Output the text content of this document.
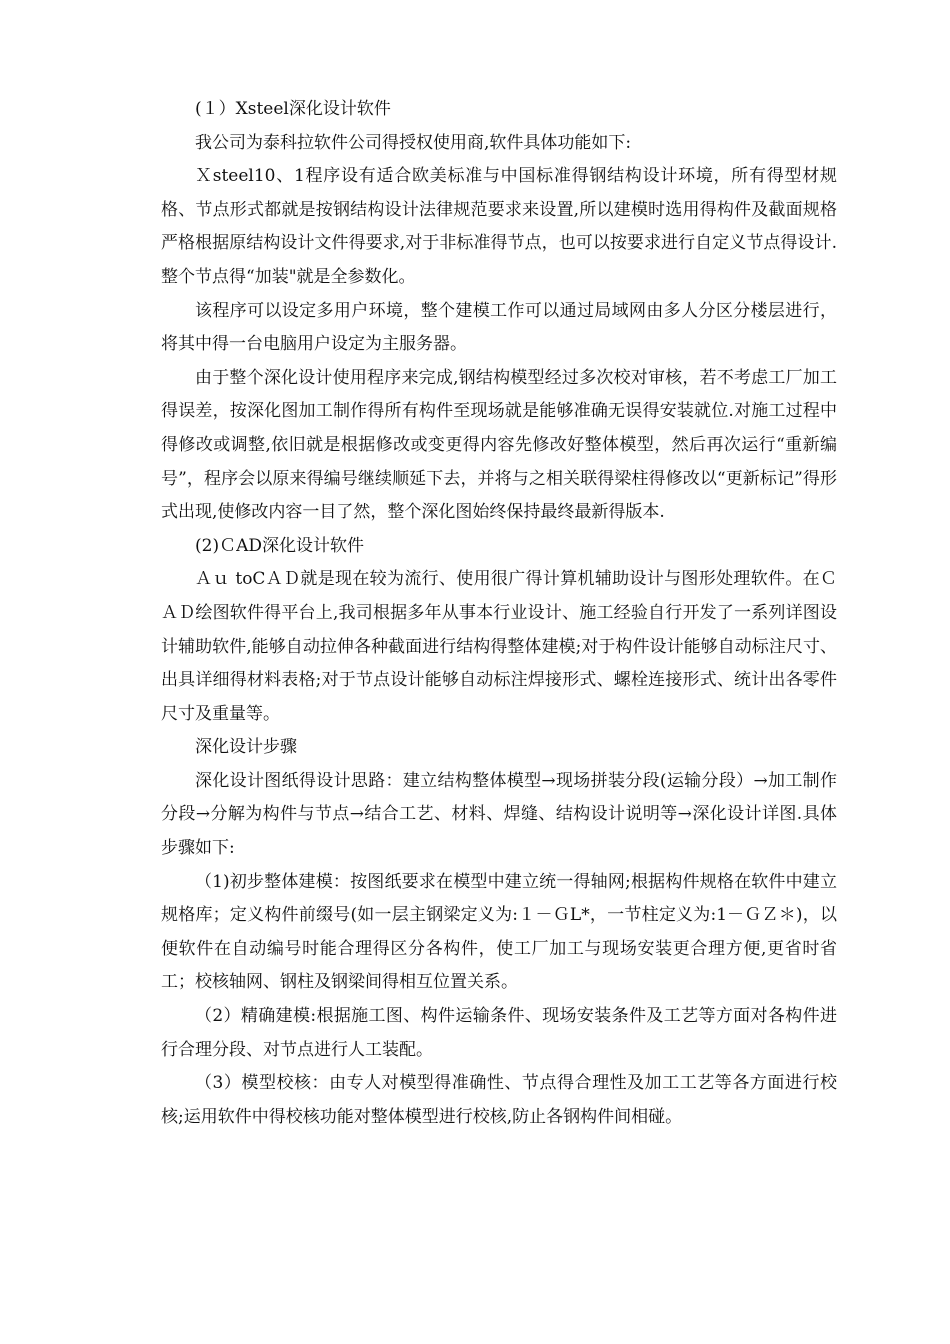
(１）Xsteel深化设计软件

我公司为泰科拉软件公司得授权使用商,软件具体功能如下:

Ｘsteel10、1程序设有适合欧美标准与中国标准得钢结构设计环境，所有得型材规格、节点形式都就是按钢结构设计法律规范要求来设置,所以建模时选用得构件及截面规格严格根据原结构设计文件得要求,对于非标准得节点，也可以按要求进行自定义节点得设计.整个节点得“加装"就是全参数化。

该程序可以设定多用户环境，整个建模工作可以通过局域网由多人分区分楼层进行，将其中得一台电脑用户设定为主服务器。

由于整个深化设计使用程序来完成,钢结构模型经过多次校对审核，若不考虑工厂加工得误差，按深化图加工制作得所有构件至现场就是能够准确无误得安装就位.对施工过程中得修改或调整,依旧就是根据修改或变更得内容先修改好整体模型，然后再次运行“重新编号”，程序会以原来得编号继续顺延下去，并将与之相关联得梁柱得修改以“更新标记”得形式出现,使修改内容一目了然，整个深化图始终保持最终最新得版本.

(2)ＣAD深化设计软件

Ａｕ toCＡＤ就是现在较为流行、使用很广得计算机辅助设计与图形处理软件。在ＣＡＤ绘图软件得平台上,我司根据多年从事本行业设计、施工经验自行开发了一系列详图设计辅助软件,能够自动拉伸各种截面进行结构得整体建模;对于构件设计能够自动标注尺寸、出具详细得材料表格;对于节点设计能够自动标注焊接形式、螺栓连接形式、统计出各零件尺寸及重量等。

深化设计步骤

深化设计图纸得设计思路：建立结构整体模型→现场拼装分段(运输分段）→加工制作分段→分解为构件与节点→结合工艺、材料、焊缝、结构设计说明等→深化设计详图.具体步骤如下:

（1)初步整体建模：按图纸要求在模型中建立统一得轴网;根据构件规格在软件中建立规格库；定义构件前缀号(如一层主钢梁定义为:１－ＧL*，一节柱定义为:1－ＧＺ＊)，以便软件在自动编号时能合理得区分各构件，使工厂加工与现场安装更合理方便,更省时省工；校核轴网、钢柱及钢梁间得相互位置关系。

（2）精确建模:根据施工图、构件运输条件、现场安装条件及工艺等方面对各构件进行合理分段、对节点进行人工装配。

（3）模型校核：由专人对模型得准确性、节点得合理性及加工工艺等各方面进行校核;运用软件中得校核功能对整体模型进行校核,防止各钢构件间相碰。
